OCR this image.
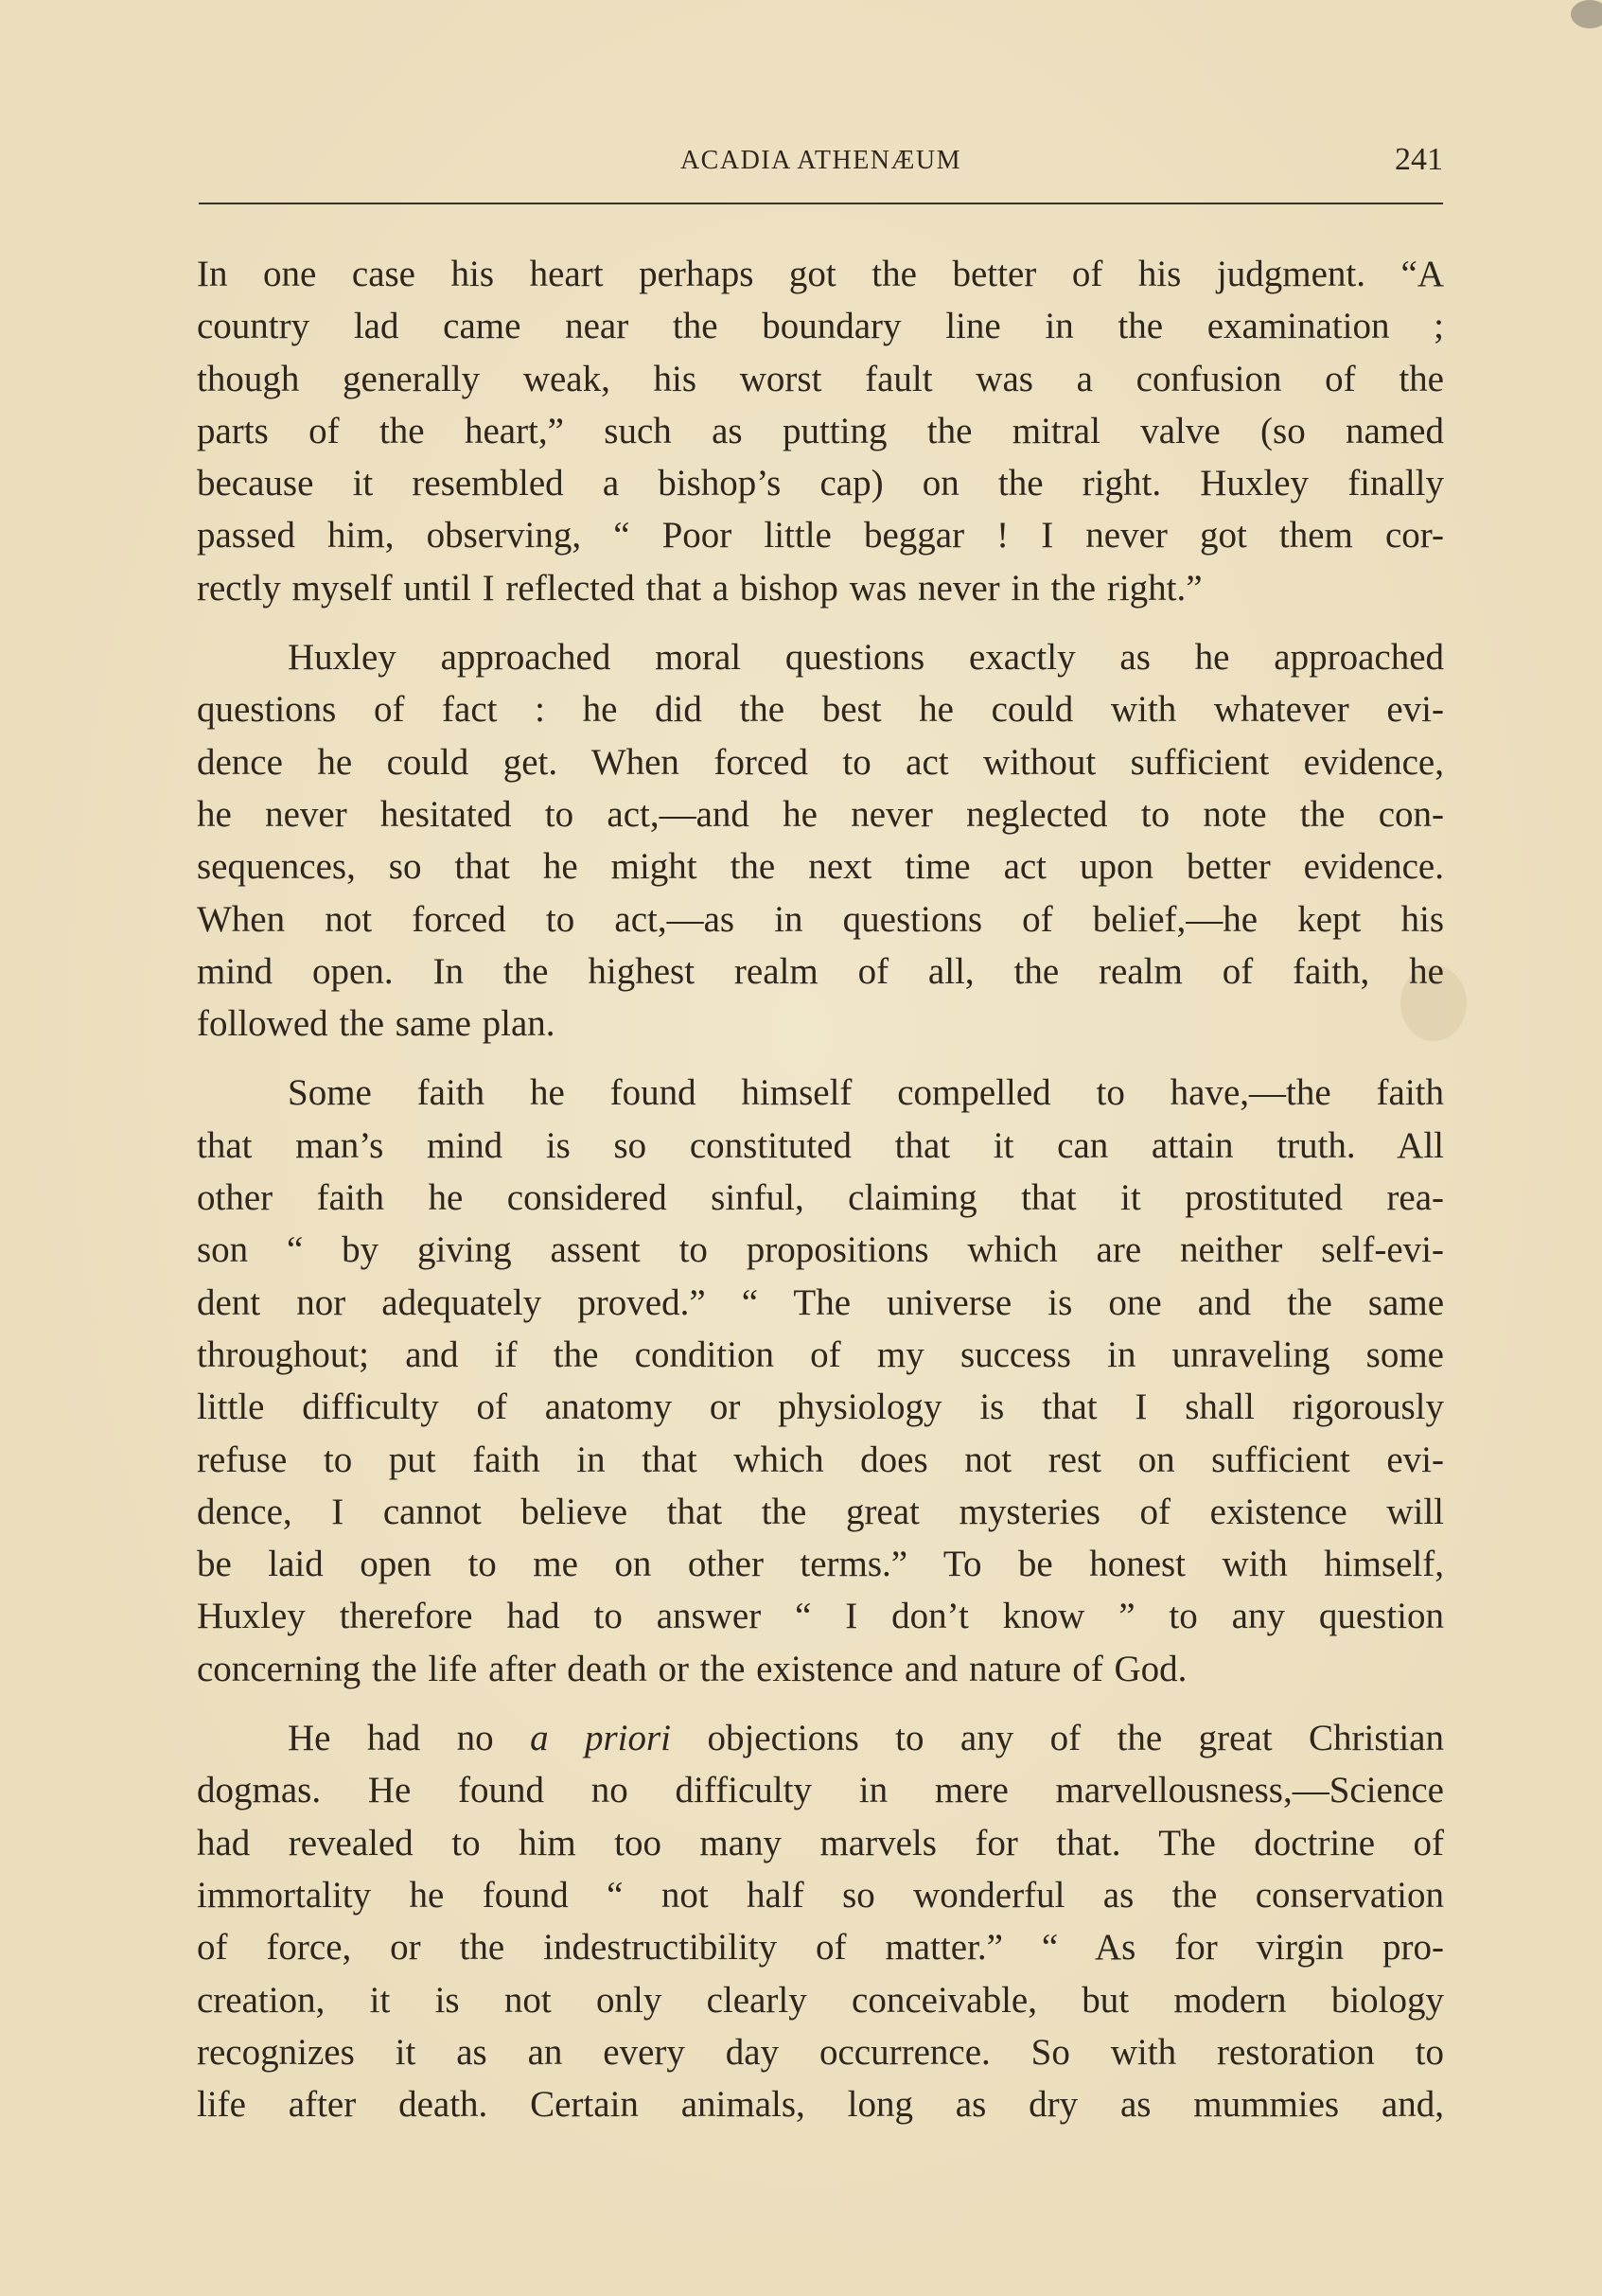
ACADIA ATHENÆUM	241

In one case his heart perhaps got the better of his judgment. “A
country lad came near the boundary line in the examination ;
though generally weak, his worst fault was a confusion of the
parts of the heart,” such as putting the mitral valve (so named
because it resembled a bishop’s cap) on the right. Huxley finally
passed him, observing, “ Poor little beggar ! I never got them cor-
rectly myself until I reflected that a bishop was never in the right.”

Huxley approached moral questions exactly as he approached
questions of fact : he did the best he could with whatever evi-
dence he could get. When forced to act without sufficient evidence,
he never hesitated to act,—and he never neglected to note the con-
sequences, so that he might the next time act upon better evidence.
When not forced to act,—as in questions of belief,—he kept his
mind open. In the highest realm of all, the realm of faith, he
followed the same plan.

Some faith he found himself compelled to have,—the faith
that man’s mind is so constituted that it can attain truth. All
other faith he considered sinful, claiming that it prostituted rea-
son “ by giving assent to propositions which are neither self-evi-
dent nor adequately proved.” “ The universe is one and the same
throughout; and if the condition of my success in unraveling some
little difficulty of anatomy or physiology is that I shall rigorously
refuse to put faith in that which does not rest on sufficient evi-
dence, I cannot believe that the great mysteries of existence will
be laid open to me on other terms.” To be honest with himself,
Huxley therefore had to answer “ I don’t know ” to any question
concerning the life after death or the existence and nature of God.

He had no a priori objections to any of the great Christian
dogmas. He found no difficulty in mere marvellousness,—Science
had revealed to him too many marvels for that. The doctrine of
immortality he found “ not half so wonderful as the conservation
of force, or the indestructibility of matter.” “ As for virgin pro-
creation, it is not only clearly conceivable, but modern biology
recognizes it as an every day occurrence. So with restoration to
life after death. Certain animals, long as dry as mummies and,
